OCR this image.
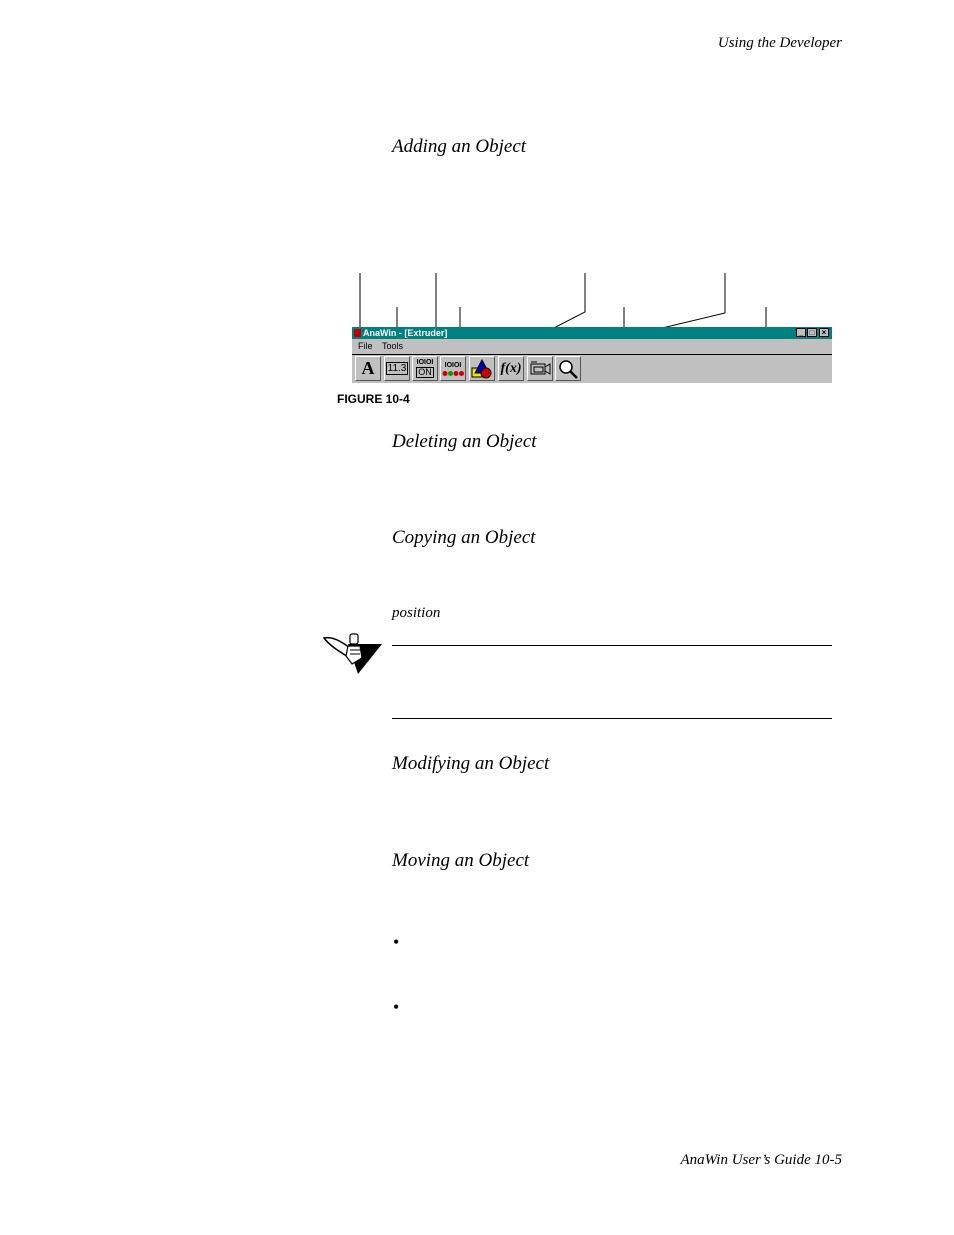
Using the Developer
Adding an Object
AnaWin - [Extruder]	_ □ ×
File Tools
A 11.3
IOIOI
ON
IOIOI	f(x)
FIGURE 10-4
Deleting an Object
Copying an Object
position
Modifying an Object
Moving an Object
•
•
AnaWin User’s Guide 10-5
